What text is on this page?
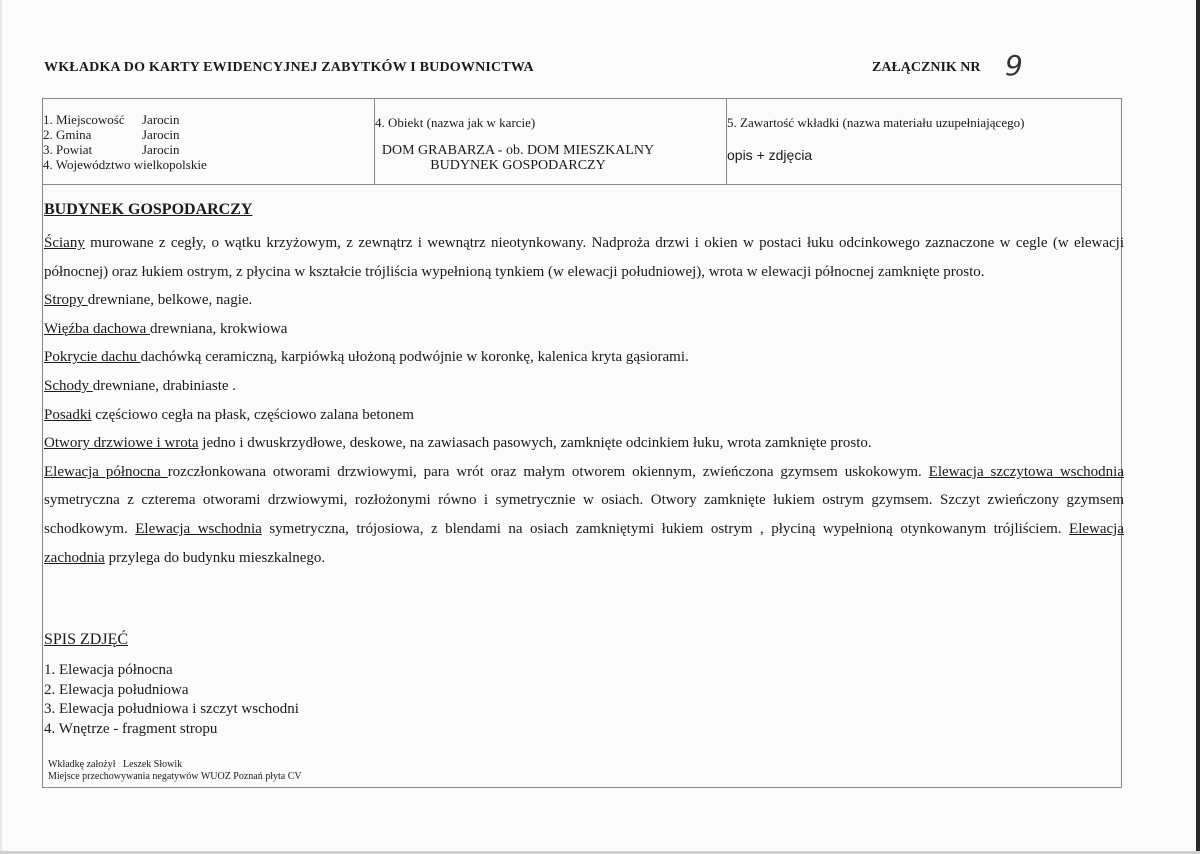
WKŁADKA DO KARTY EWIDENCYJNEJ ZABYTKÓW I BUDOWNICTWA	ZAŁĄCZNIK NR 9
1. Miejscowość	Jarocin
2. Gmina	Jarocin
3. Powiat	Jarocin
4. Województwo
wielkopolskie
4. Obiekt (nazwa jak w karcie)
DOM GRABARZA - ob. DOM MIESZKALNY
BUDYNEK GOSPODARCZY
5. Zawartość wkładki (nazwa materiału uzupełniającego)
opis + zdjęcia
BUDYNEK GOSPODARCZY

Ściany murowane z cegły, o wątku krzyżowym, z zewnątrz i wewnątrz nieotynkowany. Nadproża drzwi i okien w postaci łuku odcinkowego zaznaczone w cegle (w elewacji północnej) oraz łukiem ostrym, z płycina w kształcie trójliścia wypełnioną tynkiem (w elewacji południowej), wrota w elewacji północnej zamknięte prosto.

Stropy drewniane, belkowe, nagie.

Więźba dachowa drewniana, krokwiowa

Pokrycie dachu dachówką ceramiczną, karpiówką ułożoną podwójnie w koronkę, kalenica kryta gąsiorami.

Schody drewniane, drabiniaste .

Posadki częściowo cegła na płask, częściowo zalana betonem

Otwory drzwiowe i wrota jedno i dwuskrzydłowe, deskowe, na zawiasach pasowych, zamknięte odcinkiem łuku, wrota zamknięte prosto.

Elewacja północna rozczłonkowana otworami drzwiowymi, para wrót oraz małym otworem okiennym, zwieńczona gzymsem uskokowym. Elewacja szczytowa wschodnia symetryczna z czterema otworami drzwiowymi, rozłożonymi równo i symetrycznie w osiach. Otwory zamknięte łukiem ostrym gzymsem. Szczyt zwieńczony gzymsem schodkowym. Elewacja wschodnia symetryczna, trójosiowa, z blendami na osiach zamkniętymi łukiem ostrym , płyciną wypełnioną otynkowanym trójliściem. Elewacja zachodnia przylega do budynku mieszkalnego.

SPIS ZDJĘĆ
1. Elewacja północna
2. Elewacja południowa
3. Elewacja południowa i szczyt wschodni
4. Wnętrze - fragment stropu
Wkładkę założył Leszek Słowik
Miejsce przechowywania negatywów WUOZ Poznań płyta CV
